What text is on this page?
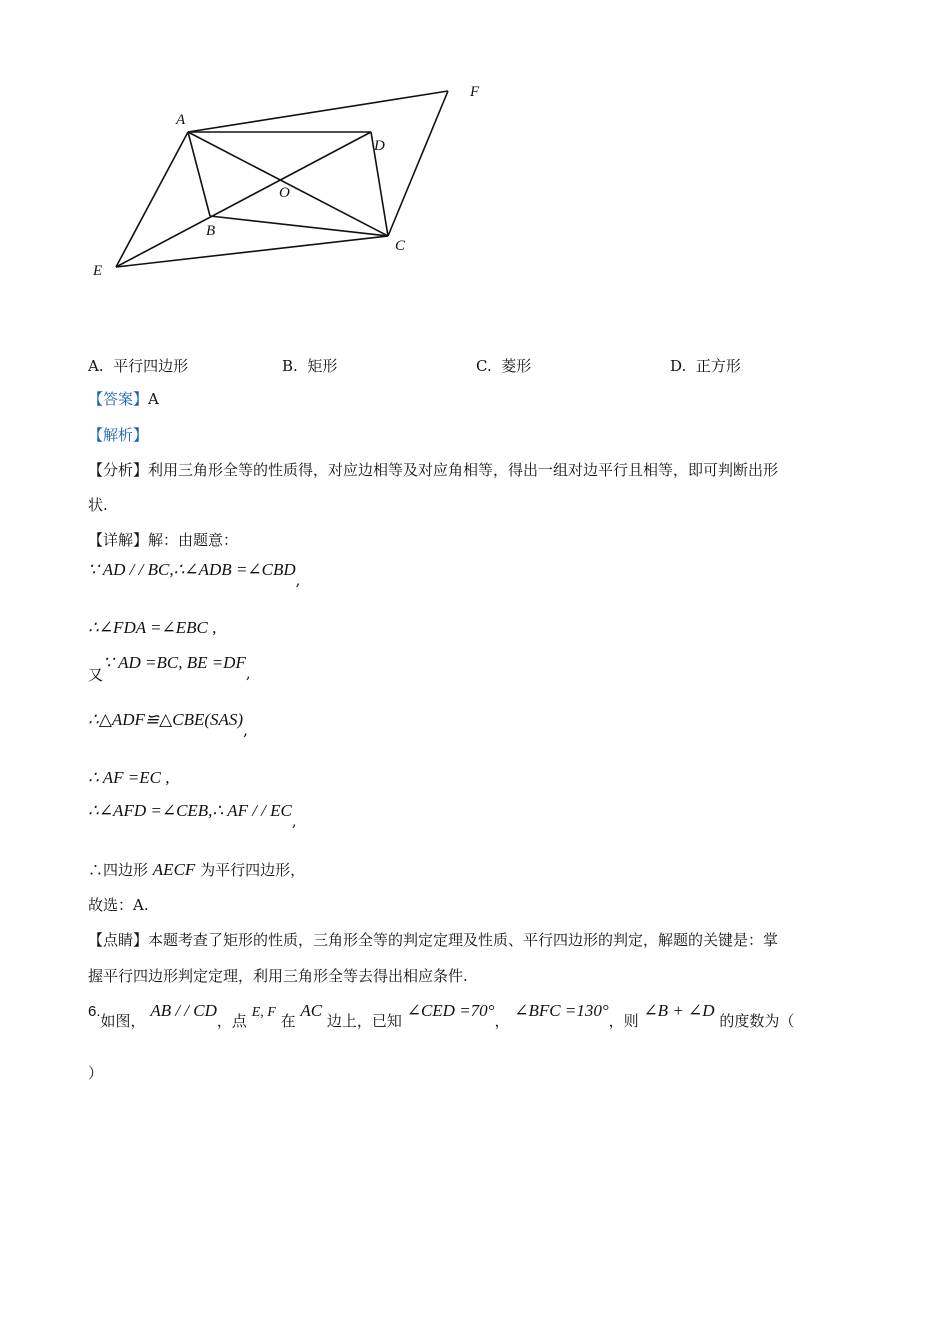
A
F
D
O
B
C
E
A. 平行四边形	B. 矩形	C. 菱形	D. 正方形
【答案】A
【解析】
【分析】利用三角形全等的性质得，对应边相等及对应角相等，得出一组对边平行且相等，即可判断出形
状.
【详解】解：由题意：
∵ AD / / BC,∴∠ADB =∠CBD,
∴∠FDA =∠EBC ,
又∵ AD =BC, BE =DF,
∴△ADF≌△CBE(SAS),
∴ AF =EC ,
∴∠AFD =∠CEB,∴ AF / / EC,
∴四边形 AECF 为平行四边形，
故选：A.
【点睛】本题考查了矩形的性质，三角形全等的判定定理及性质、平行四边形的判定，解题的关键是：掌
握平行四边形判定定理，利用三角形全等去得出相应条件.
6.如图， AB / / CD，点 E, F 在 AC 边上，已知 ∠CED =70°， ∠BFC =130°，则 ∠B + ∠D 的度数为（
）
